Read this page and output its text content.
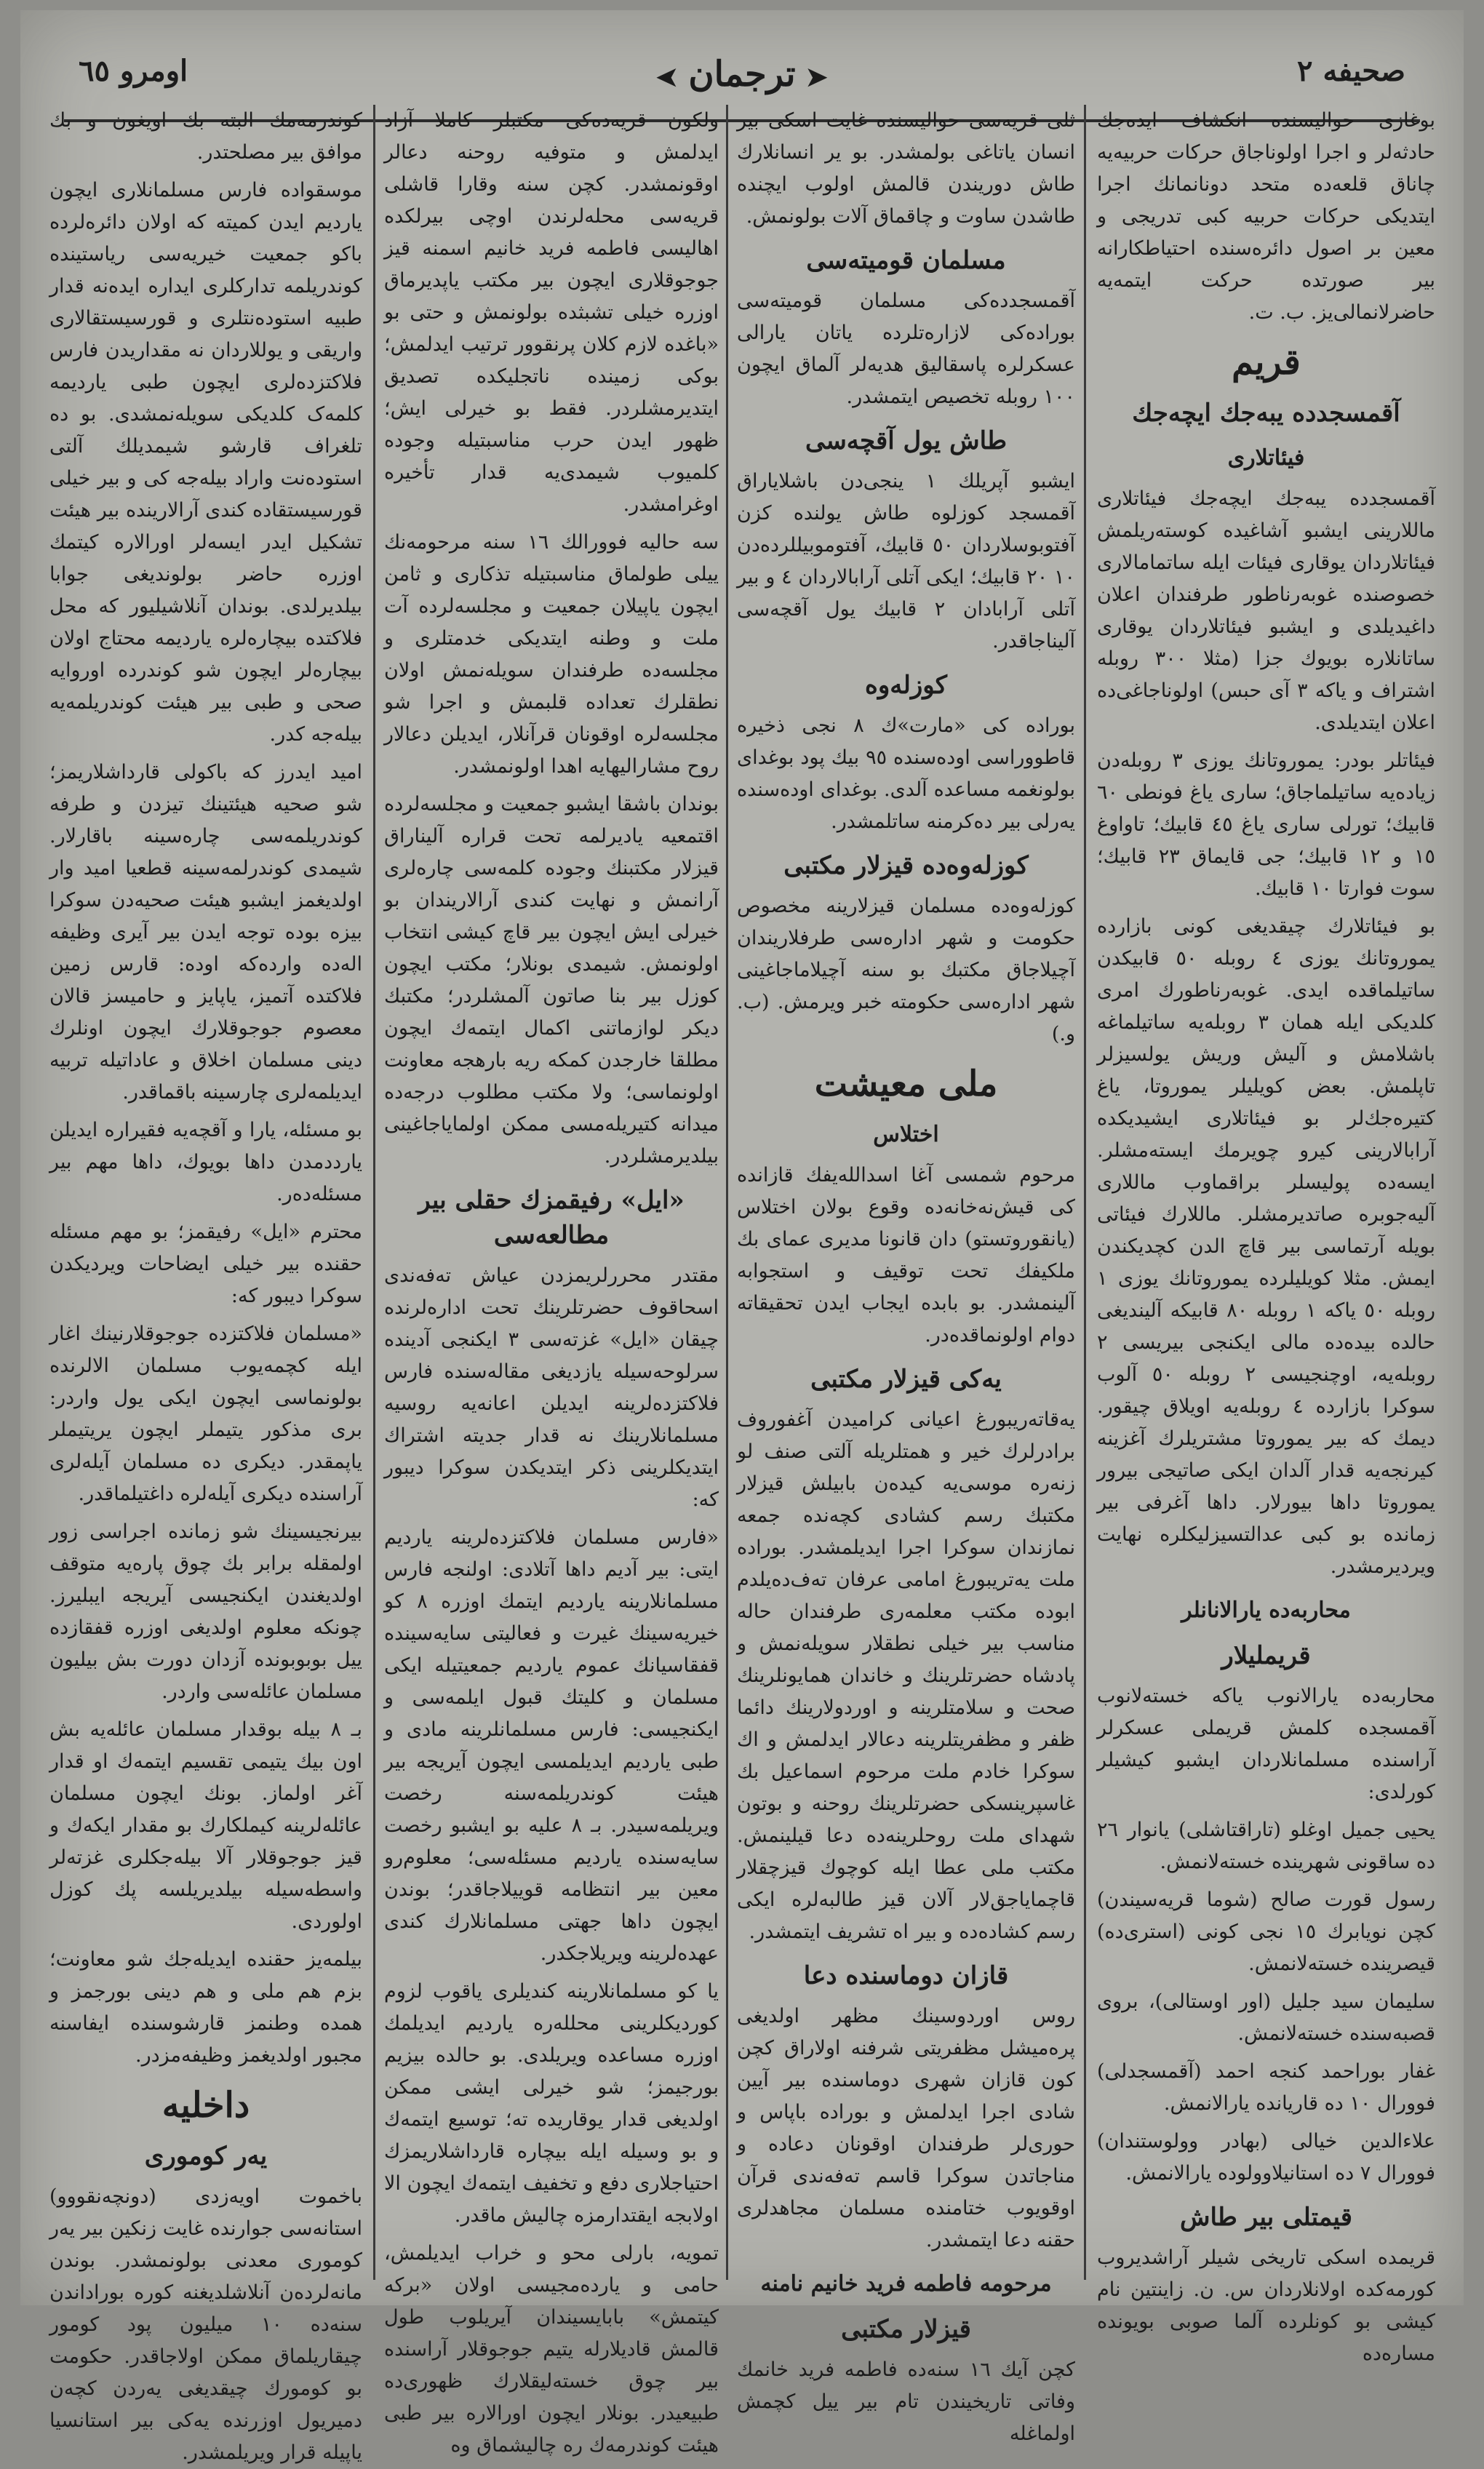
صحیفه ۲
➤ترجمان➤
اومرو ٦٥

بوغازی حوالیسنده انکشاف ایده‌جك حادثه‌لر و اجرا اولوناجاق حرکات حربیه‌یه چاناق قلعه‌ده متحد دونانمانك اجرا ایتدیکی حرکات حربیه کبی تدریجی و معین بر اصول دائره‌سنده احتیاطکارانه بیر صورتده حرکت ایتمه‌یه حاضرلانمالی‌یز. ب. ت.

قریم
آقمسجدده یبه‌جك ایچه‌جك
فیئاتلاری

آقمسجدده یبه‌جك ایچه‌جك فیئاتلاری ماللارینی ایشبو آشاغیده کوسته‌ریلمش فیئاتلاردان یوقاری فیئات ایله ساتمامالاری خصوصنده غوبه‌رناطور طرفندان اعلان داغیدیلدی و ایشبو فیئاتلاردان یوقاری ساتانلاره بویوك جزا (مثلا ٣٠٠ روبله اشتراف و یاکه ٣ آی حبس) اولوناجاغی‌ده اعلان ایتدیلدی.

فیئاتلر بودر: یموروتانك یوزی ٣ روبله‌دن زیاده‌یه ساتیلماجاق؛ ساری یاغ فونطی ٦٠ قابیك؛ تورلی ساری یاغ ٤٥ قابیك؛ تاواوغ ١٥ و ١٢ قابیك؛ جی قایماق ٢٣ قابیك؛ سوت فوارتا ١٠ قابیك.

بو فیئاتلارك چیقدیغی کونی بازارده یموروتانك یوزی ٤ روبله ٥٠ قابیکدن ساتیلماقده ایدی. غوبه‌رناطورك امری کلدیکی ایله همان ٣ روبله‌یه ساتیلماغه باشلامش و آلیش وریش یولسیزلر تاپلمش. بعض کویلیلر یموروتا، یاغ کتیره‌جك‌لر بو فیئاتلاری ایشیدیکده آرابالارینی کیرو چویرمك ایسته‌مشلر. ایسه‌ده پولیسلر براقماوب ماللاری آلیه‌جوبره صاتدیرمشلر. ماللارك فیئاتی بویله آرتماسی بیر قاچ الدن کچدیکندن ایمش. مثلا کویلیلرده یموروتانك یوزی ١ روبله ٥٠ یاکه ١ روبله ٨٠ قابیکه آلیندیغی حالده بیده‌ده مالی ایکنجی بیریسی ٢ روبله‌یه، اوچنجیسی ٢ روبله ٥٠ آلوب سوکرا بازارده ٤ روبله‌یه اویلاق چیقور. دیمك که بیر یموروتا مشتریلرك آغزینه کیرنجه‌یه قدار آلدان ایکی صاتیجی بیرور یموروتا داها بیورلار. داها آغرفی بیر زمانده بو کبی عدالتسیزلیکلره نهایت ویردیرمشدر.

محاربه‌ده یارالانانلر
قریملیلار

محاربه‌ده یارالانوب یاکه خسته‌لانوب آقمسجده کلمش قریملی عسکرلر آراسنده مسلمانلاردان ایشبو کیشیلر کورلدی:

یحیی جمیل اوغلو (تاراقتاشلی) یانوار ٢٦ ده ساقونی شهرینده خسته‌لانمش.

رسول قورت صالح (شوما قریه‌سیندن) کچن نویابرك ١٥ نجی کونی (استری‌ده) قیصرینده خسته‌لانمش.

سلیمان سید جلیل (اور اوستالی)، بروی قصبه‌سنده خسته‌لانمش.

غفار بوراحمد کنجه احمد (آقمسجدلی) فوورال ١٠ ده قاریانده یارالانمش.

علاءالدین خیالی (بهادر وولوستندان) فوورال ٧ ده استانیلاوولوده یارالانمش.

قیمتلی بیر طاش

قریمده اسکی تاریخی شیلر آراشدیروب کورمه‌کده اولانلاردان س. ن. زاینتین نام کیشی بو کونلرده آلما صوبی بویونده مساره‌ده

ثلی قریه‌سی حوالیسنده غایت اسکی بیر انسان یاتاغی بولمشدر. بو یر انسانلارك طاش دوریندن قالمش اولوب ایچنده طاشدن ساوت و چاقماق آلات بولونمش.

مسلمان قومیته‌سی

آقمسجدده‌کی مسلمان قومیته‌سی بوراده‌کی لازاره‌تلرده یاتان یارالی عسکرلره پاسقالیق هدیه‌لر آلماق ایچون ١٠٠ روبله تخصیص ایتمشدر.

طاش یول آقچه‌سی

ایشبو آپریلك ١ ینجی‌دن باشلایاراق آقمسجد کوزلوه طاش یولنده کزن آفتوبوسلاردان ٥٠ قابیك، آفتوموبیللرده‌دن ١٠ ٢٠ قابیك؛ ایکی آتلی آرابالاردان ٤ و بیر آتلی آرابادان ٢ قابیك یول آقچه‌سی آلیناجاقدر.

کوزله‌وه

بوراده کی «مارت»ك ٨ نجی ذخیره قاطووراسی اوده‌سنده ٩٥ بیك پود بوغدای بولونغمه مساعده آلدی. بوغدای اوده‌سنده یه‌رلی بیر ده‌کرمنه ساتلمشدر.

کوزله‌وه‌ده قیزلار مکتبی

کوزله‌وه‌ده مسلمان قیزلارینه مخصوص حکومت و شهر اداره‌سی طرفلاریندان آچیلاجاق مکتبك بو سنه آچیلاماجاغینی شهر اداره‌سی حکومته خبر ویرمش. (ب. و.)

ملی معیشت
اختلاس

مرحوم شمسی آغا اسدالله‌یفك قازانده کی قیش‌نه‌خانه‌ده وقوع بولان اختلاس (یانقوروتستو) دان قانونا مدیری عمای بك ملکیفك تحت توقیف و استجوابه آلینمشدر. بو بابده ایجاب ایدن تحقیقاته دوام اولونماقده‌در.

یه‌کی قیزلار مکتبی

یه‌قاته‌ریبورغ اعیانی کرامیدن آغفوروف برادرلرك خیر و همتلریله آلتی صنف لو زنه‌ره موسی‌یه کیده‌ن بابیلش قیزلار مکتبك رسم کشادی کچه‌نده جمعه نمازندان سوکرا اجرا ایدیلمشدر. بوراده ملت یه‌تریبورغ امامی عرفان ته‌ف‌ده‌یلدم ابوده مکتب معلمه‌ری طرفندان حاله مناسب بیر خیلی نطقلار سویله‌نمش و پادشاه حضرتلرینك و خاندان همایونلرینك صحت و سلامتلرینه و اوردولارینك دائما ظفر و مظفریتلرینه دعالار ایدلمش و اك سوکرا خادم ملت مرحوم اسماعیل بك غاسپرینسکی حضرتلرینك روحنه و بوتون شهدای ملت روحلرینه‌ده دعا قیلینمش. مکتب ملی عطا ایله کوچوك قیزچقلار قاچمایا‌جق‌لار آلان قیز طالبه‌لره ایکی رسم کشاده‌ده و بیر اه تشریف ایتمشدر.

قازان دوماسنده دعا

روس اوردوسینك مظهر اولدیغی پره‌میشل مظفریتی شرفنه اولاراق کچن کون قازان شهری دوماسنده بیر آیین شادی اجرا ایدلمش و بوراده باپاس و حوری‌لر طرفندان اوقونان دعاده و مناجاتدن سوکرا قاسم ته‌فه‌ندی قرآن اوقویوب ختامنده مسلمان مجاهدلری حقنه دعا ایتمشدر.

مرحومه فاطمه فرید خانیم نامنه
قیزلار مکتبی

کچن آیك ١٦ سنه‌ده فاطمه فرید خانمك وفاتی تاریخیندن تام بیر ییل کچمش اولماغله

ولکون قریه‌ده‌کی مکتبلر کاملا آزاد ایدلمش و متوفیه روحنه دعالر اوقونمشدر. کچن سنه وقارا قاشلی قریه‌سی محله‌لرندن اوچی بیرلکده اهالیسی فاطمه فرید خانیم اسمنه قیز جوجوقلاری ایچون بیر مکتب یاپدیرماق اوزره خیلی تشبثده بولونمش و حتی بو «باغده لازم کلان پرنقوور ترتیب ایدلمش؛ بوکی زمینده ناتجلیکده تصدیق ایتدیرمشلردر. فقط بو خیرلی ایش؛ ظهور ایدن حرب مناسبتیله وجوده کلمیوب شیمدی‌یه قدار تأخیره اوغرامشدر.

سه حالیه فوورالك ١٦ سنه مرحومه‌نك ییلی طولماق مناسبتیله تذکاری و ثامن ایچون یاپیلان جمعیت و مجلسه‌لرده آت ملت و وطنه ایتدیکی خدمتلری و مجلسه‌ده طرفندان سویله‌نمش اولان نطقلرك تعداده قلبمش و اجرا شو مجلسه‌لره اوقونان قرآنلار، ایدیلن دعالار روح مشارالیهایه اهدا اولونمشدر.

بوندان باشقا ایشبو جمعیت و مجلسه‌لرده اقتمعیه یادیرلمه تحت قراره آلیناراق قیزلار مکتبنك وجوده کلمه‌سی چاره‌لری آرانمش و نهایت کندی آرالاریندان بو خیرلی ایش ایچون بیر قاچ کیشی انتخاب اولونمش. شیمدی بونلار؛ مکتب ایچون کوزل بیر بنا صاتون آلمشلردر؛ مکتبك دیکر لوازماتنی اکمال ایتمه‌ك ایچون مطلقا خارجدن کمکه ریه بارهجه معاونت اولونماسی؛ ولا مکتب مطلوب درجه‌ده میدانه کتیریله‌مسی ممکن اولمایاجاغینی بیلدیرمشلردر.

«ایل» رفیقمزك حقلی بیر مطالعه‌سی

مقتدر محررلریمزدن عیاش ته‌فه‌ندی اسحاقوف حضرتلرینك تحت اداره‌لرنده چیقان «ایل» غزته‌سی ٣ ایکنجی آدینده سرلوحه‌سیله یازدیغی مقاله‌سنده فارس فلاکتزده‌لرینه ایدیلن اعانه‌یه روسیه مسلمانلارینك نه قدار جدیته اشتراك ایتدیکلرینی ذکر ایتدیکدن سوکرا دیبور که:

«فارس مسلمان فلاکتزده‌لرینه یاردیم ایتی: بیر آدیم داها آتلادی: اولنجه فارس مسلمانلارینه یاردیم ایتمك اوزره ٨ ‌کو ‌خیریه‌سینك غیرت و فعالیتی سایه‌سینده قفقاسیانك عموم یاردیم جمعیتیله ایکی مسلمان و کلیتك قبول ایلمه‌سی و ایکنجیسی: فارس مسلمانلرینه مادی و طبی یاردیم ایدیلمسی ایچون آیریجه بیر هیئت کوندریلمه‌سنه رخصت ویریلمه‌سیدر. بـ ٨ علیه بو ایشبو رخصت سایه‌سنده یاردیم مسئله‌سی؛ معلوم‌رو معین بیر انتظامه قوییلاجاقدر؛ بوندن ایچون داها جهتی مسلمانلارك کندی عهده‌لرینه ویریلاجکدر.

یا کو مسلمانلارینه کندیلری یاقوب لزوم کوردیکلرینی محلله‌ره یاردیم ایدیلمك اوزره مساعده ویریلدی. بو حالده بیزیم بورجیمز؛ شو خیرلی ایشی ممکن اولدیغی قدار یوقاریده ته؛ توسیع ایتمه‌ك و بو وسیله ایله بیچاره قارداشلاریمزك احتیاجلاری دفع و تخفیف ایتمه‌ك ایچون الا اولابجه ایقتدارمزه چالیش ماقدر.

تمویه، بارلی محو و خراب ایدیلمش، حامی و یارده‌مجیسی اولان «برکه کیتمش» بابایسیندان آیریلوب طول قالمش قادیلارله یتیم جوجوقلار آراسنده بیر چوق خسته‌لیقلارك ظهوری‌ده طبیعیدر. بونلار ایچون اورالاره بیر طبی هیئت کوندرمه‌ك ره چالیشماق وه

کوندرمه‌مك البته بك اویغون و بك موافق بیر مصلحتدر.

موسقواده فارس مسلمانلاری ایچون یاردیم ایدن کمیته که اولان دائره‌لرده باکو جمعیت خیریه‌سی ریاستینده کوندریلمه تدارکلری ایداره ایده‌نه قدار طبیه استوده‌نتلری و قورسیستقالاری واریقی و یوللاردان نه مقداریدن فارس فلاکتزده‌لری ایچون طبی یاردیمه کلمه‌ک کلدیکی سویله‌نمشدی. بو ده تلغراف قارشو شیمدیلك آلتی استوده‌نت واراد بیله‌جه کی و بیر خیلی قورسیستقاده کندی آرالارینده بیر هیئت تشکیل ایدر ایسه‌لر اورالاره کیتمك اوزره حاضر بولوندیغی جوابا بیلدیرلدی. بوندان آنلاشیلیور که محل فلاکتده بیچاره‌لره یاردیمه محتاج اولان بیچاره‌لر ایچون شو کوندرده اوروایه صحی و طبی بیر هیئت کوندریلمه‌یه بیله‌جه کدر.

امید ایدرز که باکولی قارداشلاریمز؛ شو صحیه هیئتینك تیزدن و طرفه کوندریلمه‌سی چاره‌سینه باقارلار. شیمدی کوندرلمه‌سینه قطعیا امید وار اولدیغمز ایشبو هیئت صحیه‌دن سوکرا بیزه بوده توجه ایدن بیر آیری وظیفه اله‌ده وارده‌که اوده: قارس زمین فلاکتده آتمیز، یاپایز و حامیسز قالان معصوم جوجوقلارك ایچون اونلرك دینی مسلمان اخلاق و عاداتیله تربیه ایدیلمه‌لری چارسینه باقماقدر.

بو مسئله، یارا و آقچه‌یه فقیراره ایدیلن یارددمدن داها بویوك، داها مهم بیر مسئله‌ده‌ر.

محترم «ایل» رفیقمز؛ بو مهم مسئله حقنده بیر خیلی ایضاحات ویردیکدن سوکرا دیبور که:

«مسلمان فلاکتزده جوجوقلارنینك اغار ایله کچمه‌یوب مسلمان الالرنده بولونماسی ایچون ایکی یول واردر: بری مذکور یتیملر ایچون یریتیملر یاپمقدر. دیکری ده مسلمان آیله‌لری آراسنده دیکری آیله‌لره داغتیلماقدر.

بیرنجیسینك شو زمانده اجراسی زور اولمقله برابر بك چوق پاره‌یه متوقف اولدیغندن ایکنجیسی آیریجه ایبلیرز. چونکه معلوم اولدیغی اوزره قفقازده ییل بوبوبونده آزدان دورت بش بیلیون مسلمان عائله‌سی واردر.

بـ ٨ بیله بوقدار مسلمان عائله‌یه بش اون بیك یتیمی تقسیم ایتمه‌ك او قدار آغر اولماز. بونك ایچون مسلمان عائله‌لرینه کیملکار‌ك بو مقدار ایکه‌ك و قیز جوجوقلار آلا بیله‌جکلری غزته‌لر واسطه‌سیله بیلدیریلسه پك کوزل اولوردی.

بیلمه‌یز حقنده ایدیله‌جك شو معاونت؛ بزم هم ملی و هم دینی بورجمز و همده وطنمز قارشوسنده ایفاسنه مجبور اولدیغمز وظیفه‌مزدر.

داخلیه
یه‌ر کوموری

باخموت اویه‌زدی (دونچه‌نقووو) استانه‌سی جوارنده غایت زنکین بیر یه‌ر کوموری معدنی بولونمشدر. بوندن مانه‌لرده‌ن آنلاشلدیغنه کوره بوراداندن سنه‌ده ١٠ میلیون پود کومور چیقاریلماق ممکن اولاجاقدر. حکومت بو کومورك چیقدیغی یه‌ردن کچه‌ن دمیریول اوزرنده یه‌کی بیر استانسیا یاپیله قرار ویریلمشدر.
